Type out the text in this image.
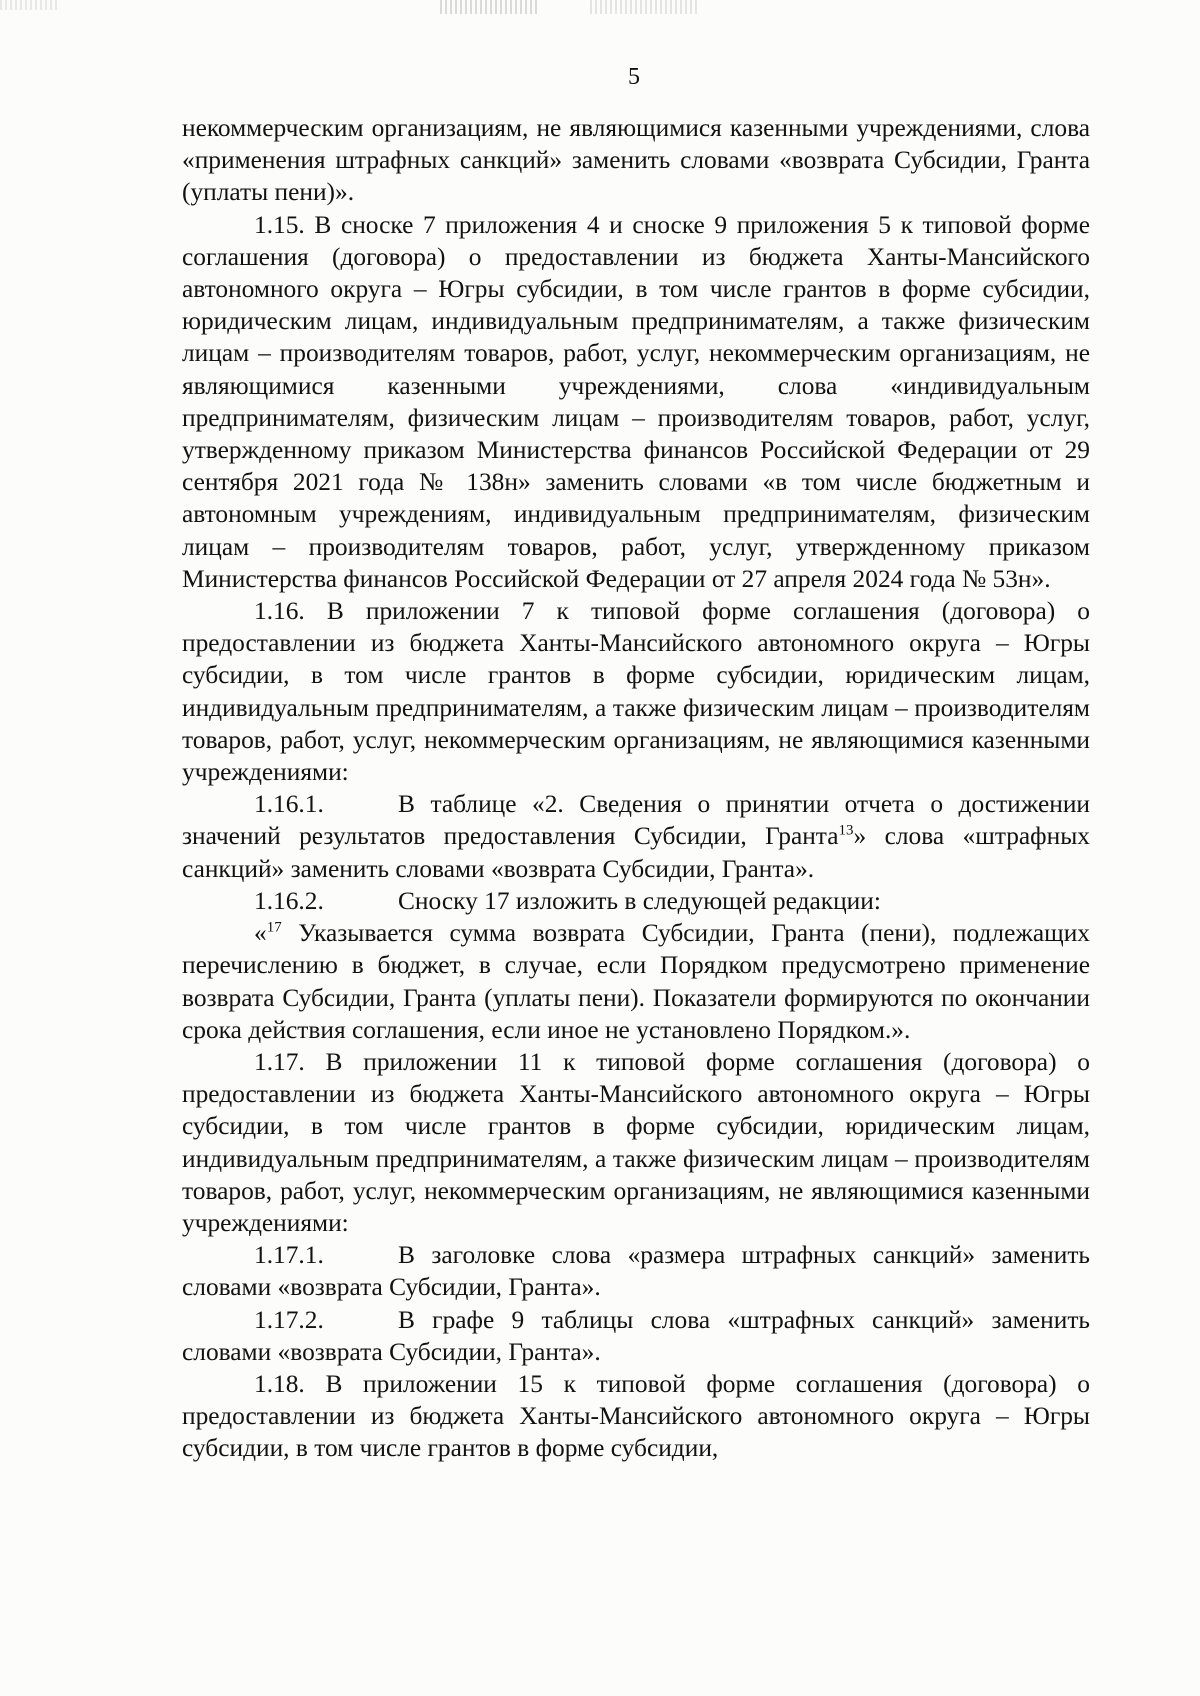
5

некоммерческим организациям, не являющимися казенными учреждениями, слова «применения штрафных санкций» заменить словами «возврата Субсидии, Гранта (уплаты пени)».

1.15. В сноске 7 приложения 4 и сноске 9 приложения 5 к типовой форме соглашения (договора) о предоставлении из бюджета Ханты-Мансийского автономного округа – Югры субсидии, в том числе грантов в форме субсидии, юридическим лицам, индивидуальным предпринимателям, а также физическим лицам – производителям товаров, работ, услуг, некоммерческим организациям, не являющимися казенными учреждениями, слова «индивидуальным предпринимателям, физическим лицам – производителям товаров, работ, услуг, утвержденному приказом Министерства финансов Российской Федерации от 29 сентября 2021 года № 138н» заменить словами «в том числе бюджетным и автономным учреждениям, индивидуальным предпринимателям, физическим лицам – производителям товаров, работ, услуг, утвержденному приказом Министерства финансов Российской Федерации от 27 апреля 2024 года № 53н».

1.16. В приложении 7 к типовой форме соглашения (договора) о предоставлении из бюджета Ханты-Мансийского автономного округа – Югры субсидии, в том числе грантов в форме субсидии, юридическим лицам, индивидуальным предпринимателям, а также физическим лицам – производителям товаров, работ, услуг, некоммерческим организациям, не являющимися казенными учреждениями:

1.16.1.	В таблице «2. Сведения о принятии отчета о достижении значений результатов предоставления Субсидии, Гранта$^{13}$» слова «штрафных санкций» заменить словами «возврата Субсидии, Гранта».

1.16.2.	Сноску 17 изложить в следующей редакции:

«$^{17}$ Указывается сумма возврата Субсидии, Гранта (пени), подлежащих перечислению в бюджет, в случае, если Порядком предусмотрено применение возврата Субсидии, Гранта (уплаты пени). Показатели формируются по окончании срока действия соглашения, если иное не установлено Порядком.».

1.17. В приложении 11 к типовой форме соглашения (договора) о предоставлении из бюджета Ханты-Мансийского автономного округа – Югры субсидии, в том числе грантов в форме субсидии, юридическим лицам, индивидуальным предпринимателям, а также физическим лицам – производителям товаров, работ, услуг, некоммерческим организациям, не являющимися казенными учреждениями:

1.17.1.	В заголовке слова «размера штрафных санкций» заменить словами «возврата Субсидии, Гранта».

1.17.2.	В графе 9 таблицы слова «штрафных санкций» заменить словами «возврата Субсидии, Гранта».

1.18. В приложении 15 к типовой форме соглашения (договора) о предоставлении из бюджета Ханты-Мансийского автономного округа – Югры субсидии, в том числе грантов в форме субсидии,
